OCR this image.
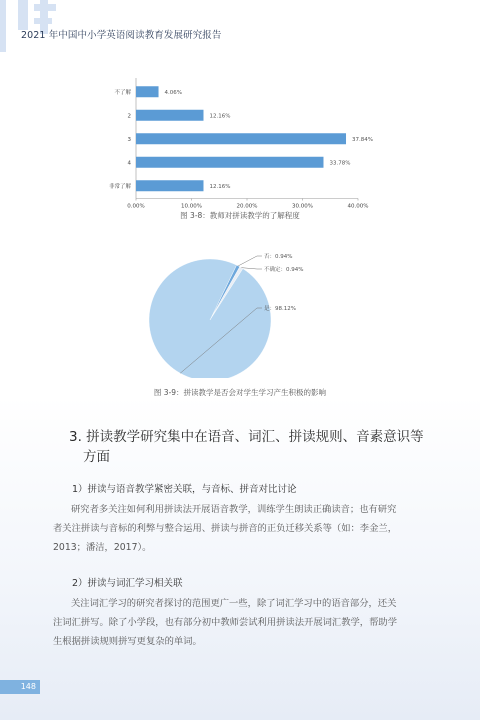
2021 年中国中小学英语阅读教育发展研究报告
不了解	4.06%
2	12.16%
3	37.84%
4	33.78%
非常了解	12.16%
0.00%	10.00%	20.00%	30.00%	40.00%
图 3-8：教师对拼读教学的了解程度
否：0.94%
不确定：0.94%
是：98.12%
图 3-9：拼读教学是否会对学生学习产生积极的影响
3. 拼读教学研究集中在语音、词汇、拼读规则、音素意识等
方面
1）拼读与语音教学紧密关联，与音标、拼音对比讨论
研究者多关注如何利用拼读法开展语音教学，训练学生朗读正确读音；也有研究
者关注拼读与音标的利弊与整合运用、拼读与拼音的正负迁移关系等（如：李金兰，
2013；潘洁，2017）。
2）拼读与词汇学习相关联
关注词汇学习的研究者探讨的范围更广一些，除了词汇学习中的语音部分，还关
注词汇拼写。除了小学段，也有部分初中教师尝试利用拼读法开展词汇教学，帮助学
生根据拼读规则拼写更复杂的单词。
148
